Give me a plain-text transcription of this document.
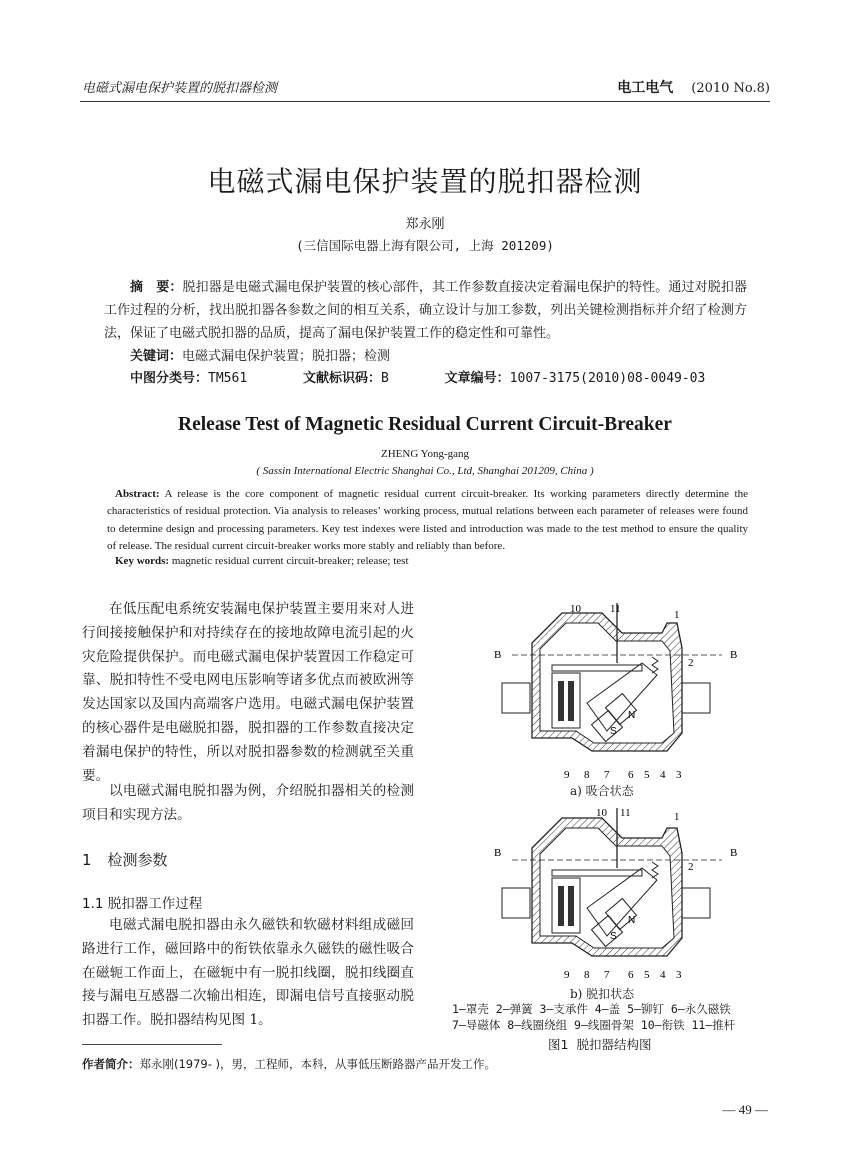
电磁式漏电保护装置的脱扣器检测	电工电气 (2010 No.8)
电磁式漏电保护装置的脱扣器检测
郑永刚
(三信国际电器上海有限公司, 上海 201209)
摘　要：脱扣器是电磁式漏电保护装置的核心部件，其工作参数直接决定着漏电保护的特性。通过对脱扣器工作过程的分析，找出脱扣器各参数之间的相互关系，确立设计与加工参数，列出关键检测指标并介绍了检测方法，保证了电磁式脱扣器的品质，提高了漏电保护装置工作的稳定性和可靠性。
关键词：电磁式漏电保护装置；脱扣器；检测
中图分类号：TM561	文献标识码：B	文章编号：1007-3175(2010)08-0049-03
Release Test of Magnetic Residual Current Circuit-Breaker
ZHENG Yong-gang
( Sassin International Electric Shanghai Co., Ltd, Shanghai 201209, China )
Abstract: A release is the core component of magnetic residual current circuit-breaker. Its working parameters directly determine the characteristics of residual protection. Via analysis to releases’ working process, mutual relations between each parameter of releases were found to determine design and processing parameters. Key test indexes were listed and introduction was made to the test method to ensure the quality of release. The residual current circuit-breaker works more stably and reliably than before.
Key words: magnetic residual current circuit-breaker; release; test

在低压配电系统安装漏电保护装置主要用来对人进行间接接触保护和对持续存在的接地故障电流引起的火灾危险提供保护。而电磁式漏电保护装置因工作稳定可靠、脱扣特性不受电网电压影响等诸多优点而被欧洲等发达国家以及国内高端客户选用。电磁式漏电保护装置的核心器件是电磁脱扣器，脱扣器的工作参数直接决定着漏电保护的特性，所以对脱扣器参数的检测就至关重要。

以电磁式漏电脱扣器为例，介绍脱扣器相关的检测项目和实现方法。

1 检测参数
1.1 脱扣器工作过程

电磁式漏电脱扣器由永久磁铁和软磁材料组成磁回路进行工作，磁回路中的衔铁依靠永久磁铁的磁性吸合在磁轭工作面上，在磁轭中有一脱扣线圈，脱扣线圈直接与漏电互感器二次输出相连，即漏电信号直接驱动脱扣器工作。脱扣器结构见图 1。

10	11	1
2
B	B
N
S
9 8 7 6 5 4 3
10 11	1
2
B	B
N
S
9 8 7 6 5 4 3
a) 吸合状态
b) 脱扣状态
1—罩壳 2—弹簧 3—支承件 4—盖 5—铆钉 6—永久磁铁
7—导磁体 8—线圈绕组 9—线圈骨架 10—衔铁 11—推杆
图1 脱扣器结构图
作者简介：郑永刚(1979- )，男，工程师，本科，从事低压断路器产品开发工作。
— 49 —
